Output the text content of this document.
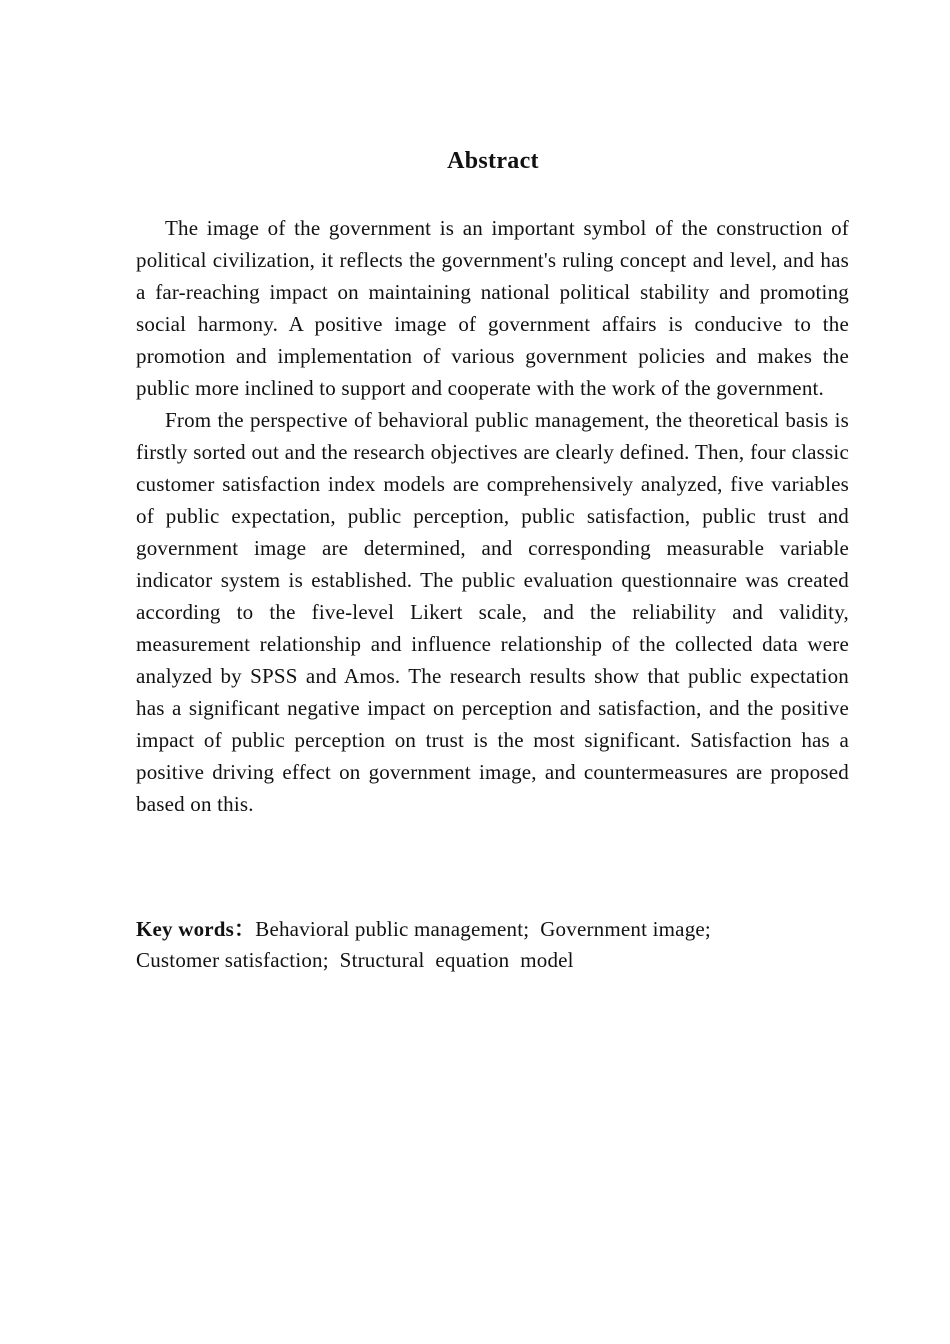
Abstract

The image of the government is an important symbol of the construction of political civilization, it reflects the government's ruling concept and level, and has a far-reaching impact on maintaining national political stability and promoting social harmony. A positive image of government affairs is conducive to the promotion and implementation of various government policies and makes the public more inclined to support and cooperate with the work of the government.

From the perspective of behavioral public management, the theoretical basis is firstly sorted out and the research objectives are clearly defined. Then, four classic customer satisfaction index models are comprehensively analyzed, five variables of public expectation, public perception, public satisfaction, public trust and government image are determined, and corresponding measurable variable indicator system is established. The public evaluation questionnaire was created according to the five-level Likert scale, and the reliability and validity, measurement relationship and influence relationship of the collected data were analyzed by SPSS and Amos. The research results show that public expectation has a significant negative impact on perception and satisfaction, and the positive impact of public perception on trust is the most significant. Satisfaction has a positive driving effect on government image, and countermeasures are proposed based on this.

Key words：Behavioral public management;  Government image;
Customer satisfaction;  Structural  equation  model
